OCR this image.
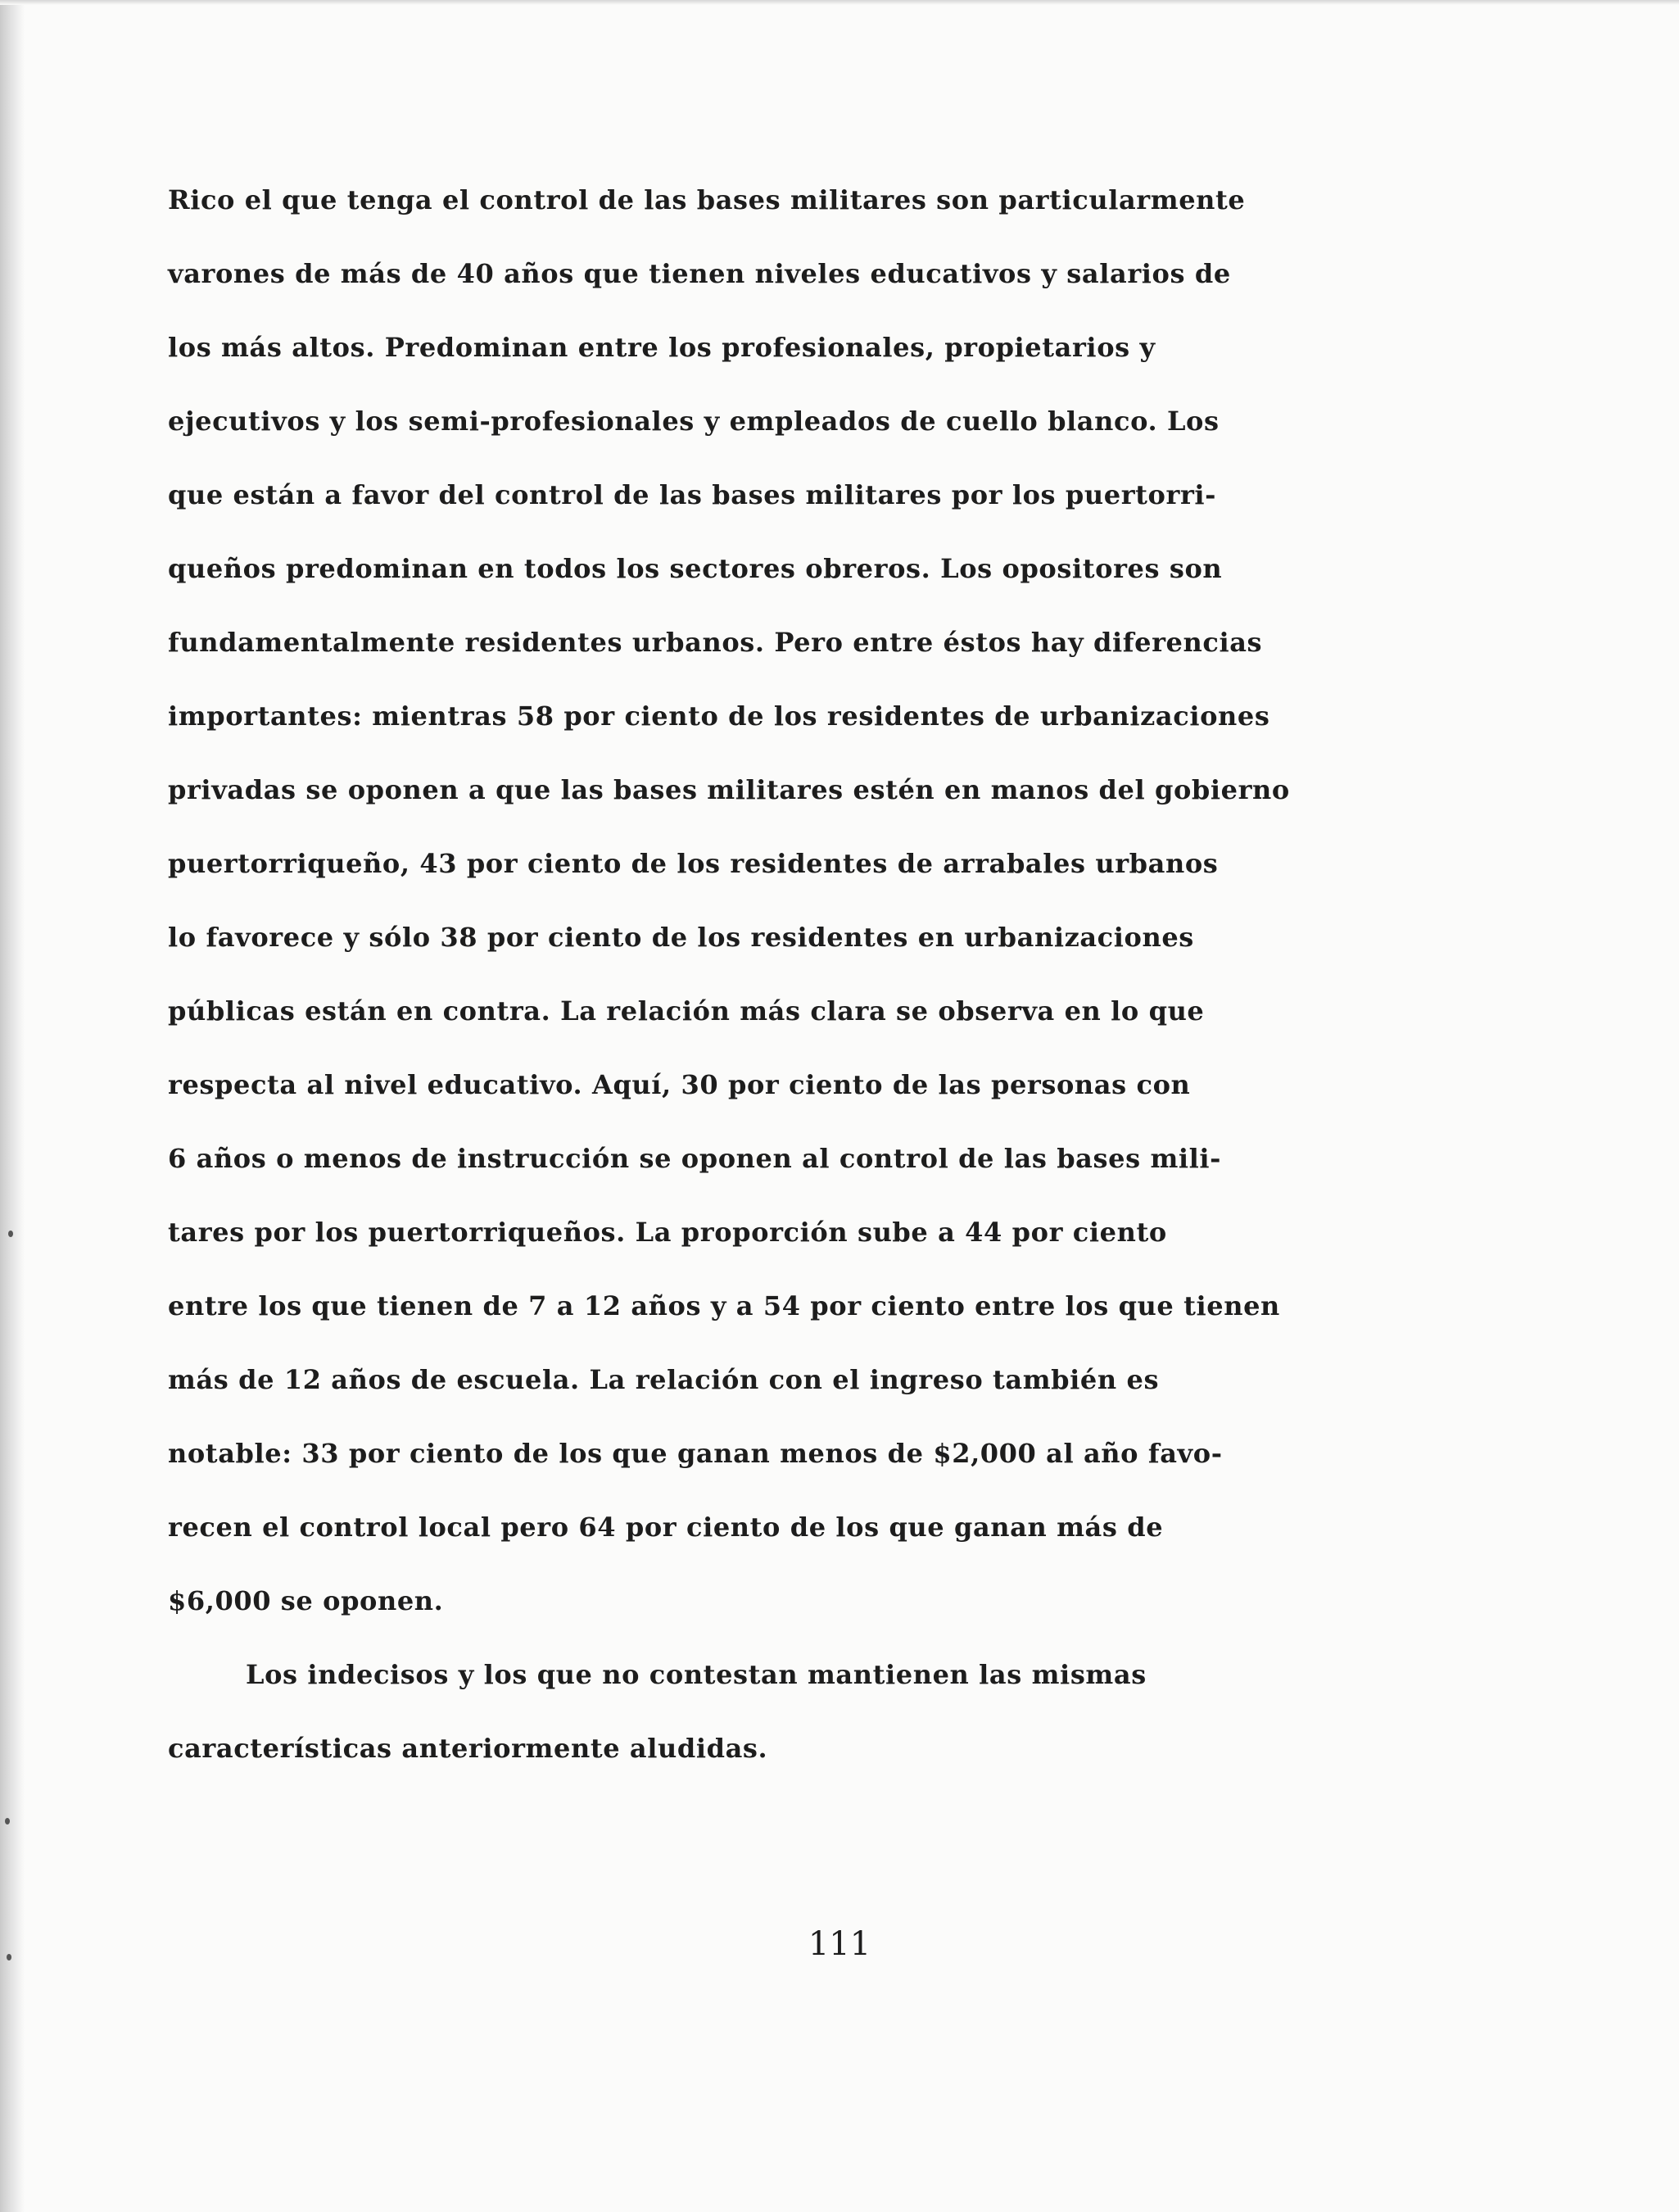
Rico el que tenga el control de las bases militares son particularmente
varones de más de 40 años que tienen niveles educativos y salarios de
los más altos. Predominan entre los profesionales, propietarios y
ejecutivos y los semi-profesionales y empleados de cuello blanco. Los
que están a favor del control de las bases militares por los puertorri-
queños predominan en todos los sectores obreros. Los opositores son
fundamentalmente residentes urbanos. Pero entre éstos hay diferencias
importantes: mientras 58 por ciento de los residentes de urbanizaciones
privadas se oponen a que las bases militares estén en manos del gobierno
puertorriqueño, 43 por ciento de los residentes de arrabales urbanos
lo favorece y sólo 38 por ciento de los residentes en urbanizaciones
públicas están en contra. La relación más clara se observa en lo que
respecta al nivel educativo. Aquí, 30 por ciento de las personas con
6 años o menos de instrucción se oponen al control de las bases mili-
tares por los puertorriqueños. La proporción sube a 44 por ciento
entre los que tienen de 7 a 12 años y a 54 por ciento entre los que tienen
más de 12 años de escuela. La relación con el ingreso también es
notable: 33 por ciento de los que ganan menos de $2,000 al año favo-
recen el control local pero 64 por ciento de los que ganan más de
$6,000 se oponen.
Los indecisos y los que no contestan mantienen las mismas
características anteriormente aludidas.
111
